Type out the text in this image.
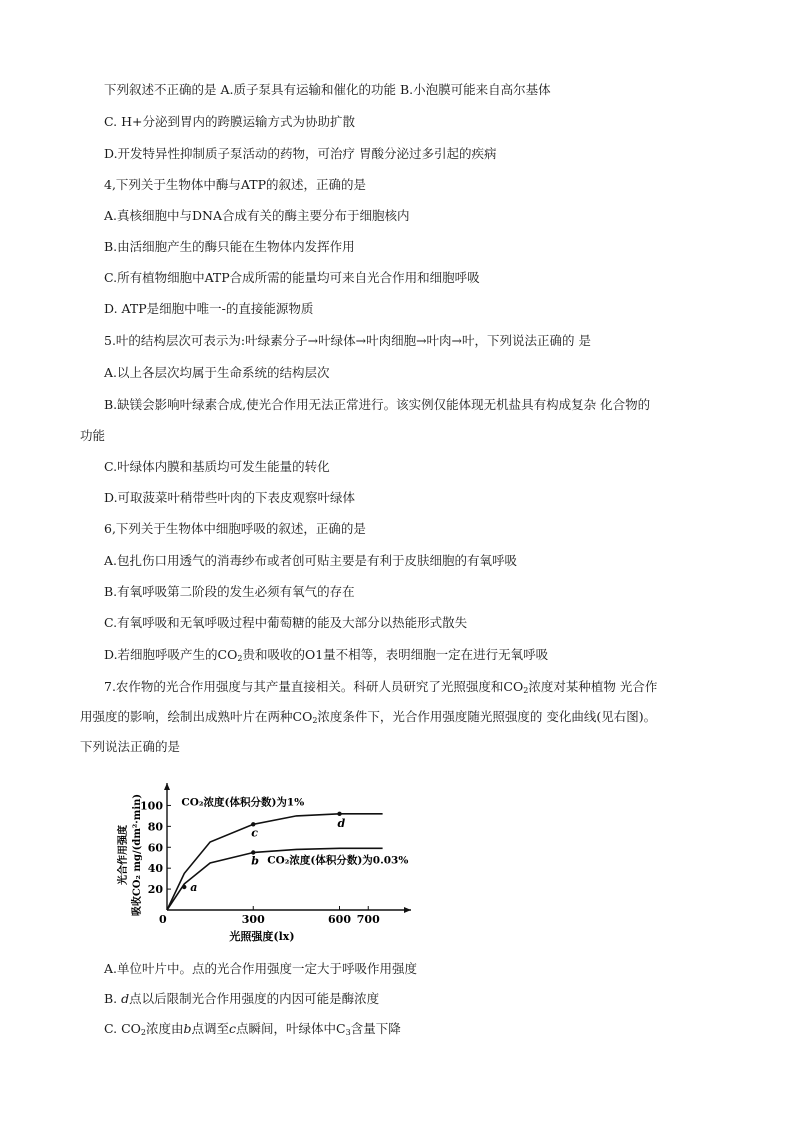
下列叙述不正确的是 A.质子泵具有运输和催化的功能 B.小泡膜可能来自高尔基体
C. H+分泌到胃内的跨膜运输方式为协助扩散
D.开发特异性抑制质子泵活动的药物，可治疗 胃酸分泌过多引起的疾病
4,下列关于生物体中酶与ATP的叙述，正确的是
A.真核细胞中与DNA合成有关的酶主要分布于细胞核内
B.由活细胞产生的酶只能在生物体内发挥作用
C.所有植物细胞中ATP合成所需的能量均可来自光合作用和细胞呼吸
D. ATP是细胞中唯一-的直接能源物质
5.叶的结构层次可表示为:叶绿素分子→叶绿体→叶肉细胞→叶肉→叶，下列说法正确的 是
A.以上各层次均属于生命系统的结构层次
B.缺镁会影响叶绿素合成,使光合作用无法正常进行。该实例仅能体现无机盐具有构成复杂 化合物的
功能
C.叶绿体内膜和基质均可发生能量的转化
D.可取菠菜叶稍带些叶肉的下表皮观察叶绿体
6,下列关于生物体中细胞呼吸的叙述，正确的是
A.包扎伤口用透气的消毒纱布或者创可贴主要是有利于皮肤细胞的有氧呼吸
B.有氧呼吸第二阶段的发生必须有氧气的存在
C.有氧呼吸和无氧呼吸过程中葡萄糖的能及大部分以热能形式散失
D.若细胞呼吸产生的$CO_2$贵和吸收的O1量不相等，表明细胞一定在进行无氧呼吸
7.农作物的光合作用强度与其产量直接相关。科研人员研究了光照强度和$CO_2$浓度对某种植物 光合作
用强度的影响，绘制出成熟叶片在两种$CO_2$浓度条件下，光合作用强度随光照强度的 变化曲线(见右图)。
下列说法正确的是
0	300	600 700
20
40
60
80
100
光合作用强度 吸收CO₂ mg/(dm²·min)
光照强度(lx)
CO₂浓度(体积分数)为1%
CO₂浓度(体积分数)为0.03%
a
b
c
d
A.单位叶片中。点的光合作用强度一定大于呼吸作用强度
B. d点以后限制光合作用强度的内因可能是酶浓度
C. $CO_2$浓度由b点调至c点瞬间，叶绿体中$C_3$含量下降
